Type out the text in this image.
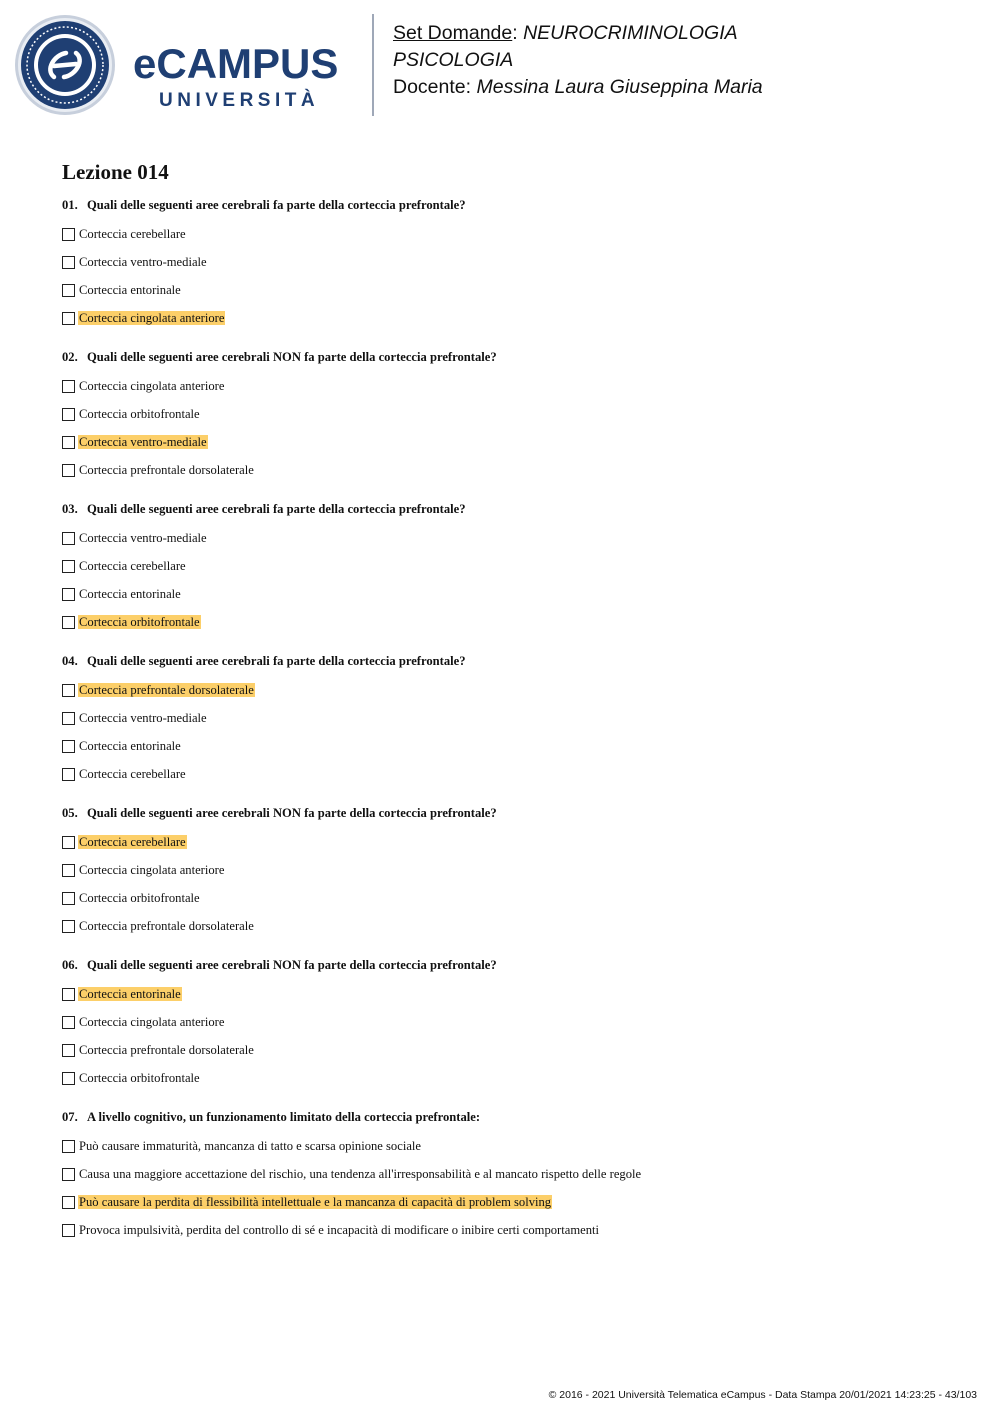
eCAMPUS
UNIVERSITÀ
Set Domande: NEUROCRIMINOLOGIA
PSICOLOGIA
Docente: Messina Laura Giuseppina Maria
Lezione 014
01. Quali delle seguenti aree cerebrali fa parte della corteccia prefrontale?
Corteccia cerebellare
Corteccia ventro-mediale
Corteccia entorinale
Corteccia cingolata anteriore
02. Quali delle seguenti aree cerebrali NON fa parte della corteccia prefrontale?
Corteccia cingolata anteriore
Corteccia orbitofrontale
Corteccia ventro-mediale
Corteccia prefrontale dorsolaterale
03. Quali delle seguenti aree cerebrali fa parte della corteccia prefrontale?
Corteccia ventro-mediale
Corteccia cerebellare
Corteccia entorinale
Corteccia orbitofrontale
04. Quali delle seguenti aree cerebrali fa parte della corteccia prefrontale?
Corteccia prefrontale dorsolaterale
Corteccia ventro-mediale
Corteccia entorinale
Corteccia cerebellare
05. Quali delle seguenti aree cerebrali NON fa parte della corteccia prefrontale?
Corteccia cerebellare
Corteccia cingolata anteriore
Corteccia orbitofrontale
Corteccia prefrontale dorsolaterale
06. Quali delle seguenti aree cerebrali NON fa parte della corteccia prefrontale?
Corteccia entorinale
Corteccia cingolata anteriore
Corteccia prefrontale dorsolaterale
Corteccia orbitofrontale
07. A livello cognitivo, un funzionamento limitato della corteccia prefrontale:
Può causare immaturità, mancanza di tatto e scarsa opinione sociale
Causa una maggiore accettazione del rischio, una tendenza all'irresponsabilità e al mancato rispetto delle regole
Può causare la perdita di flessibilità intellettuale e la mancanza di capacità di problem solving
Provoca impulsività, perdita del controllo di sé e incapacità di modificare o inibire certi comportamenti
© 2016 - 2021 Università Telematica eCampus - Data Stampa 20/01/2021 14:23:25 - 43/103
